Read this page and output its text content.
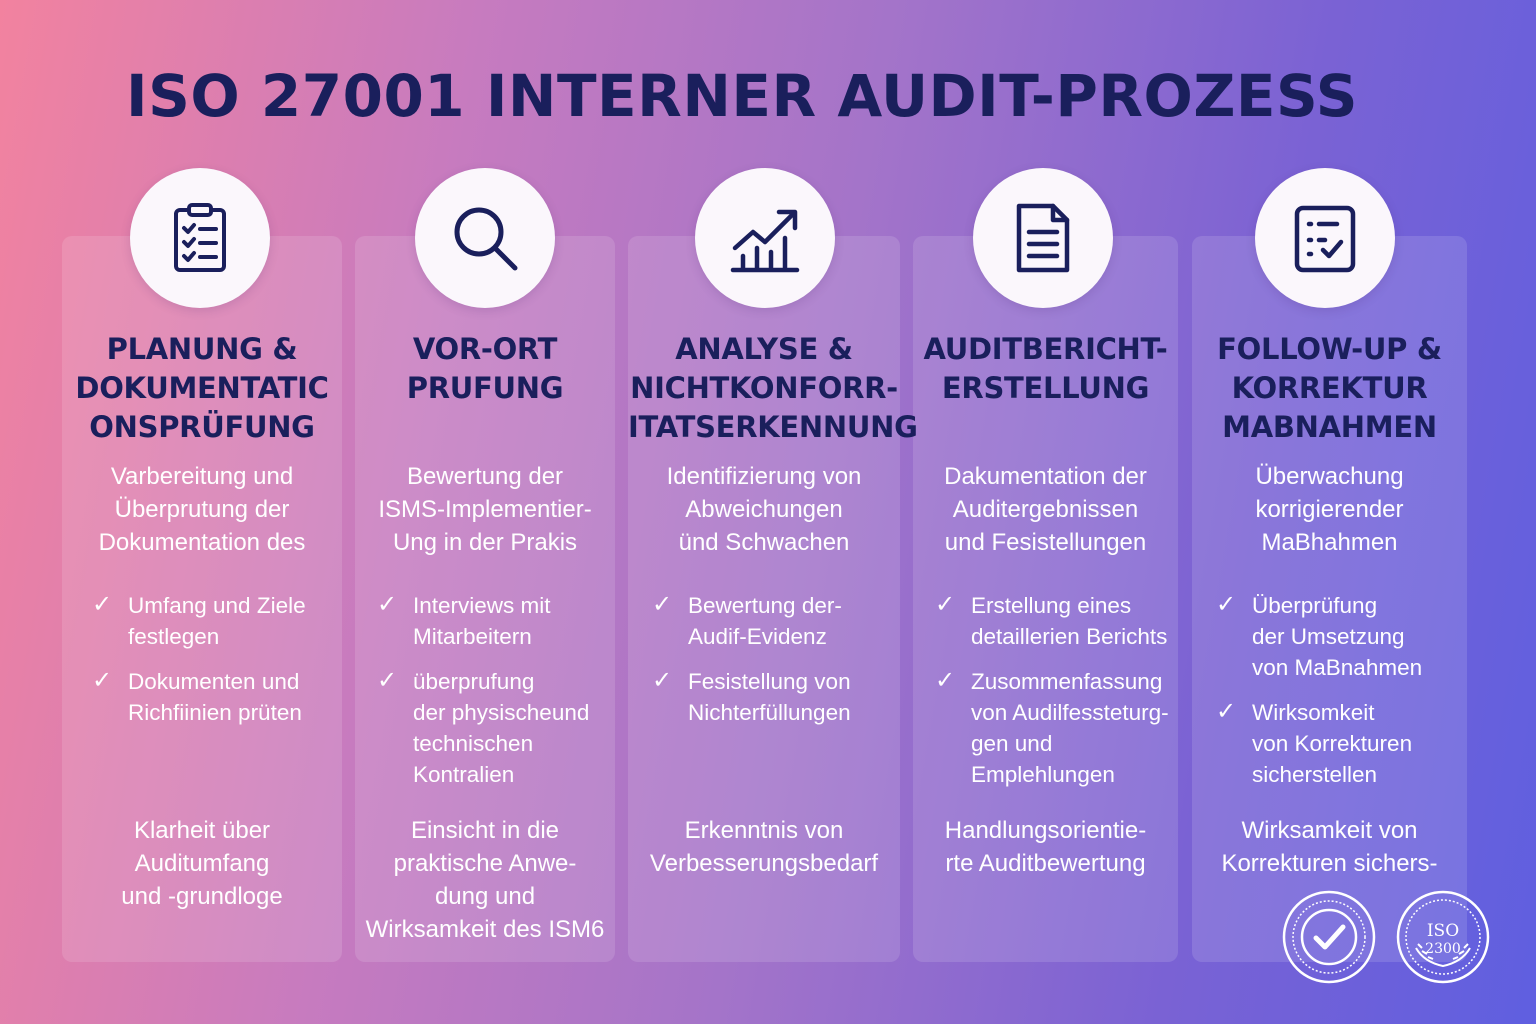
ISO 27001 INTERNER AUDIT-PROZESS
PLANUNG &
DOKUMENTATIC
ONSPRÜFUNG
Varbereitung und
Überprutung der
Dokumentation des
✓ Umfang und Ziele
festlegen
✓ Dokumenten und
Richfiinien prüten
Klarheit über
Auditumfang
und -grundloge
VOR-ORT
PRUFUNG
Bewertung der
ISMS-Implementier-
Ung in der Prakis
✓ Interviews mit
Mitarbeitern
✓ überprufung
der physischeund
technischen
Kontralien
Einsicht in die
praktische Anwe-
dung und
Wirksamkeit des ISM6
ANALYSE &
NICHTKONFORR-
ITATSERKENNUNG
Identifizierung von
Abweichungen
ünd Schwachen
✓ Bewertung der-
Audif-Evidenz
✓ Fesistellung von
Nichterfüllungen
Erkenntnis von
Verbesserungsbedarf
AUDITBERICHT-
ERSTELLUNG
Dakumentation der
Auditergebnissen
und Fesistellungen
✓ Erstellung eines
detaillerien Berichts
✓ Zusommenfassung
von Audilfessteturg-
gen und
Emplehlungen
Handlungsorientie-
rte Auditbewertung
FOLLOW-UP &
KORREKTUR
MABNAHMEN
Überwachung
korrigierender
MaBhahmen
✓ Überprüfung
der Umsetzung
von MaBnahmen
✓ Wirksomkeit
von Korrekturen
sicherstellen
Wirksamkeit von
Korrekturen sichers-
ISO
2300
